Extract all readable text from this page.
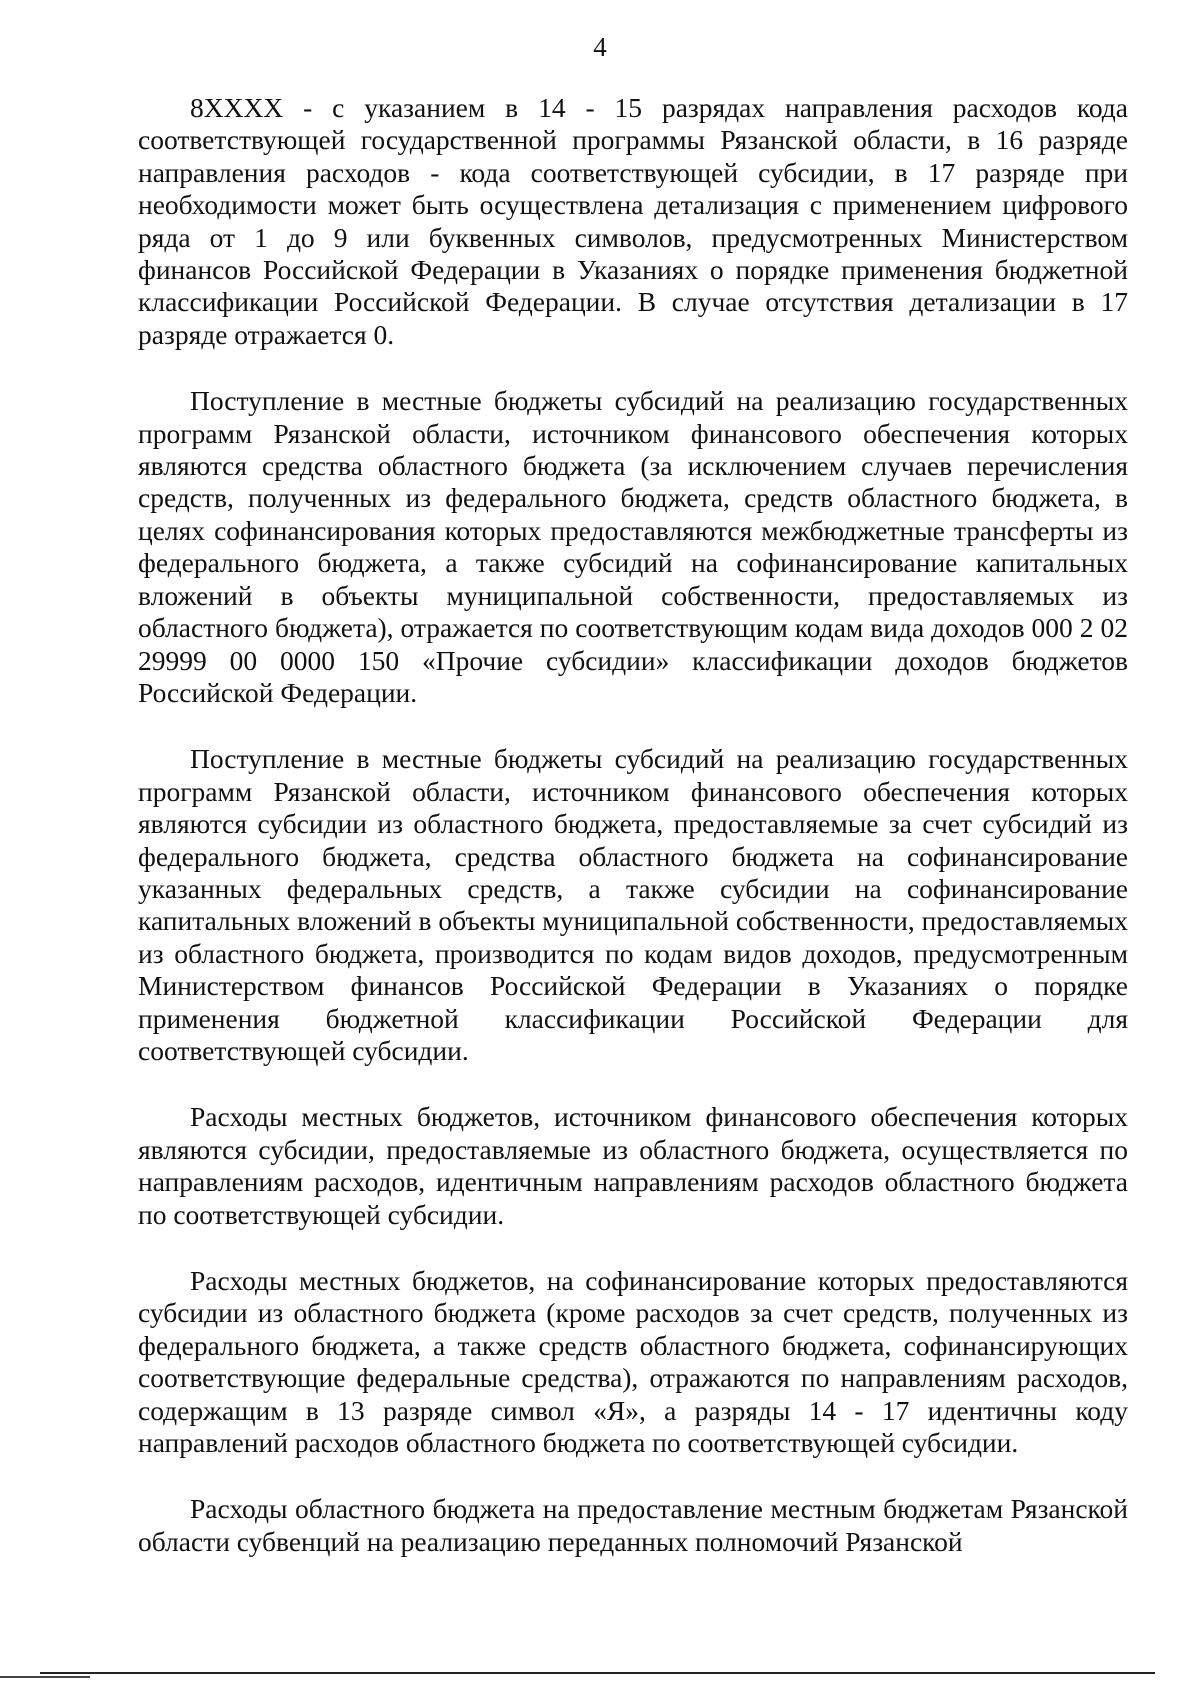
4

8XXXX - с указанием в 14 - 15 разрядах направления расходов кода соответствующей государственной программы Рязанской области, в 16 разряде направления расходов - кода соответствующей субсидии, в 17 разряде при необходимости может быть осуществлена детализация с применением цифрового ряда от 1 до 9 или буквенных символов, предусмотренных Министерством финансов Российской Федерации в Указаниях о порядке применения бюджетной классификации Российской Федерации. В случае отсутствия детализации в 17 разряде отражается 0.

Поступление в местные бюджеты субсидий на реализацию государственных программ Рязанской области, источником финансового обеспечения которых являются средства областного бюджета (за исключением случаев перечисления средств, полученных из федерального бюджета, средств областного бюджета, в целях софинансирования которых предоставляются межбюджетные трансферты из федерального бюджета, а также субсидий на софинансирование капитальных вложений в объекты муниципальной собственности, предоставляемых из областного бюджета), отражается по соответствующим кодам вида доходов 000 2 02 29999 00 0000 150 «Прочие субсидии» классификации доходов бюджетов Российской Федерации.

Поступление в местные бюджеты субсидий на реализацию государственных программ Рязанской области, источником финансового обеспечения которых являются субсидии из областного бюджета, предоставляемые за счет субсидий из федерального бюджета, средства областного бюджета на софинансирование указанных федеральных средств, а также субсидии на софинансирование капитальных вложений в объекты муниципальной собственности, предоставляемых из областного бюджета, производится по кодам видов доходов, предусмотренным Министерством финансов Российской Федерации в Указаниях о порядке применения бюджетной классификации Российской Федерации для соответствующей субсидии.

Расходы местных бюджетов, источником финансового обеспечения которых являются субсидии, предоставляемые из областного бюджета, осуществляется по направлениям расходов, идентичным направлениям расходов областного бюджета по соответствующей субсидии.

Расходы местных бюджетов, на софинансирование которых предоставляются субсидии из областного бюджета (кроме расходов за счет средств, полученных из федерального бюджета, а также средств областного бюджета, софинансирующих соответствующие федеральные средства), отражаются по направлениям расходов, содержащим в 13 разряде символ «Я», а разряды 14 - 17 идентичны коду направлений расходов областного бюджета по соответствующей субсидии.

Расходы областного бюджета на предоставление местным бюджетам Рязанской области субвенций на реализацию переданных полномочий Рязанской
